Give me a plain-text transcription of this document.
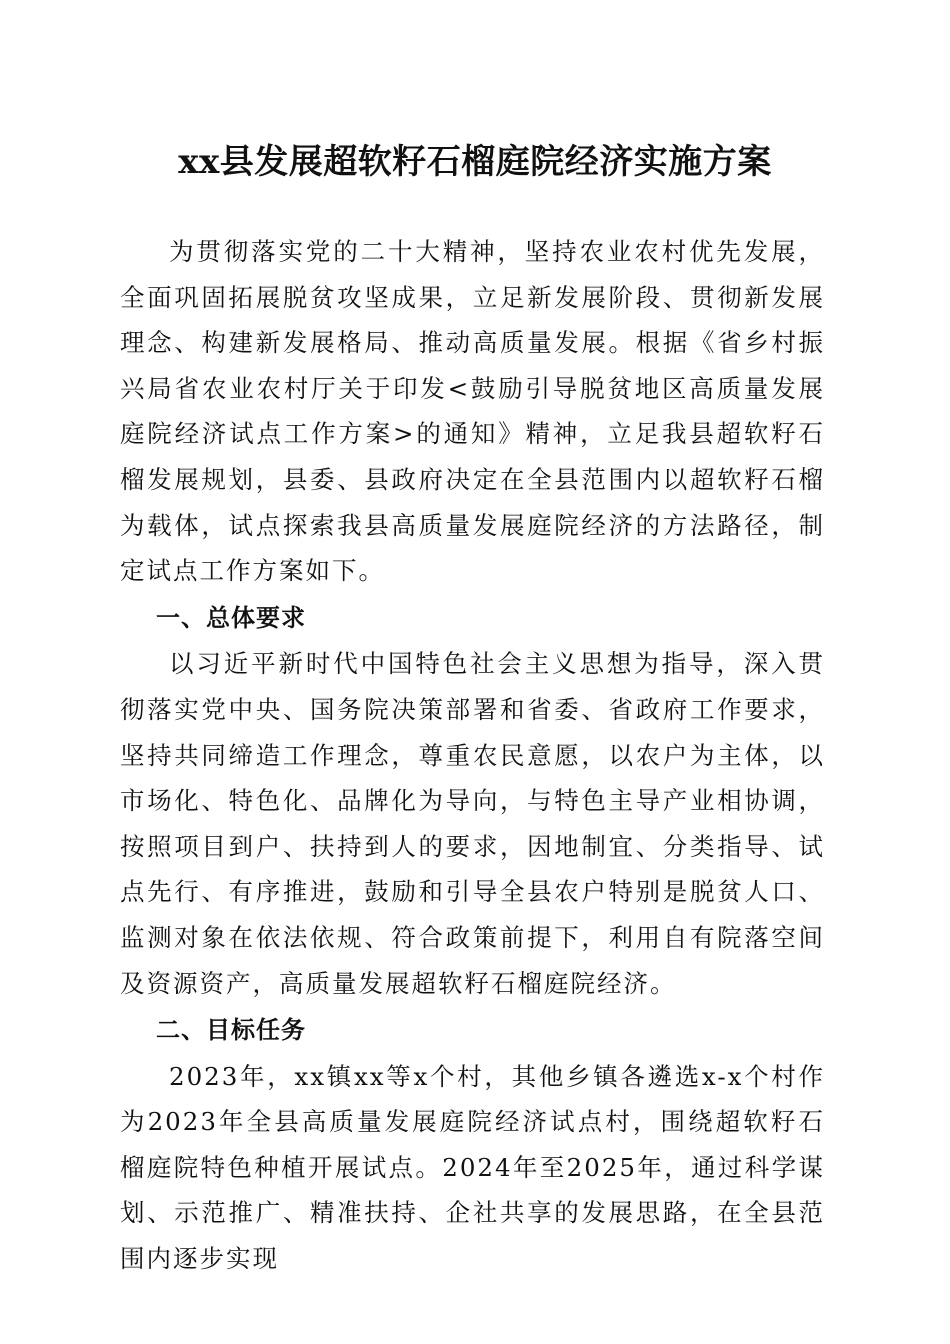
xx县发展超软籽石榴庭院经济实施方案

为贯彻落实党的二十大精神，坚持农业农村优先发展，全面巩固拓展脱贫攻坚成果，立足新发展阶段、贯彻新发展理念、构建新发展格局、推动高质量发展。根据《省乡村振兴局省农业农村厅关于印发<鼓励引导脱贫地区高质量发展庭院经济试点工作方案>的通知》精神，立足我县超软籽石榴发展规划，县委、县政府决定在全县范围内以超软籽石榴为载体，试点探索我县高质量发展庭院经济的方法路径，制定试点工作方案如下。

一、总体要求

以习近平新时代中国特色社会主义思想为指导，深入贯彻落实党中央、国务院决策部署和省委、省政府工作要求，坚持共同缔造工作理念，尊重农民意愿，以农户为主体，以市场化、特色化、品牌化为导向，与特色主导产业相协调，按照项目到户、扶持到人的要求，因地制宜、分类指导、试点先行、有序推进，鼓励和引导全县农户特别是脱贫人口、监测对象在依法依规、符合政策前提下，利用自有院落空间及资源资产，高质量发展超软籽石榴庭院经济。

二、目标任务

2023年，xx镇xx等x个村，其他乡镇各遴选x-x个村作为2023年全县高质量发展庭院经济试点村，围绕超软籽石榴庭院特色种植开展试点。2024年至2025年，通过科学谋划、示范推广、精准扶持、企社共享的发展思路，在全县范围内逐步实现
